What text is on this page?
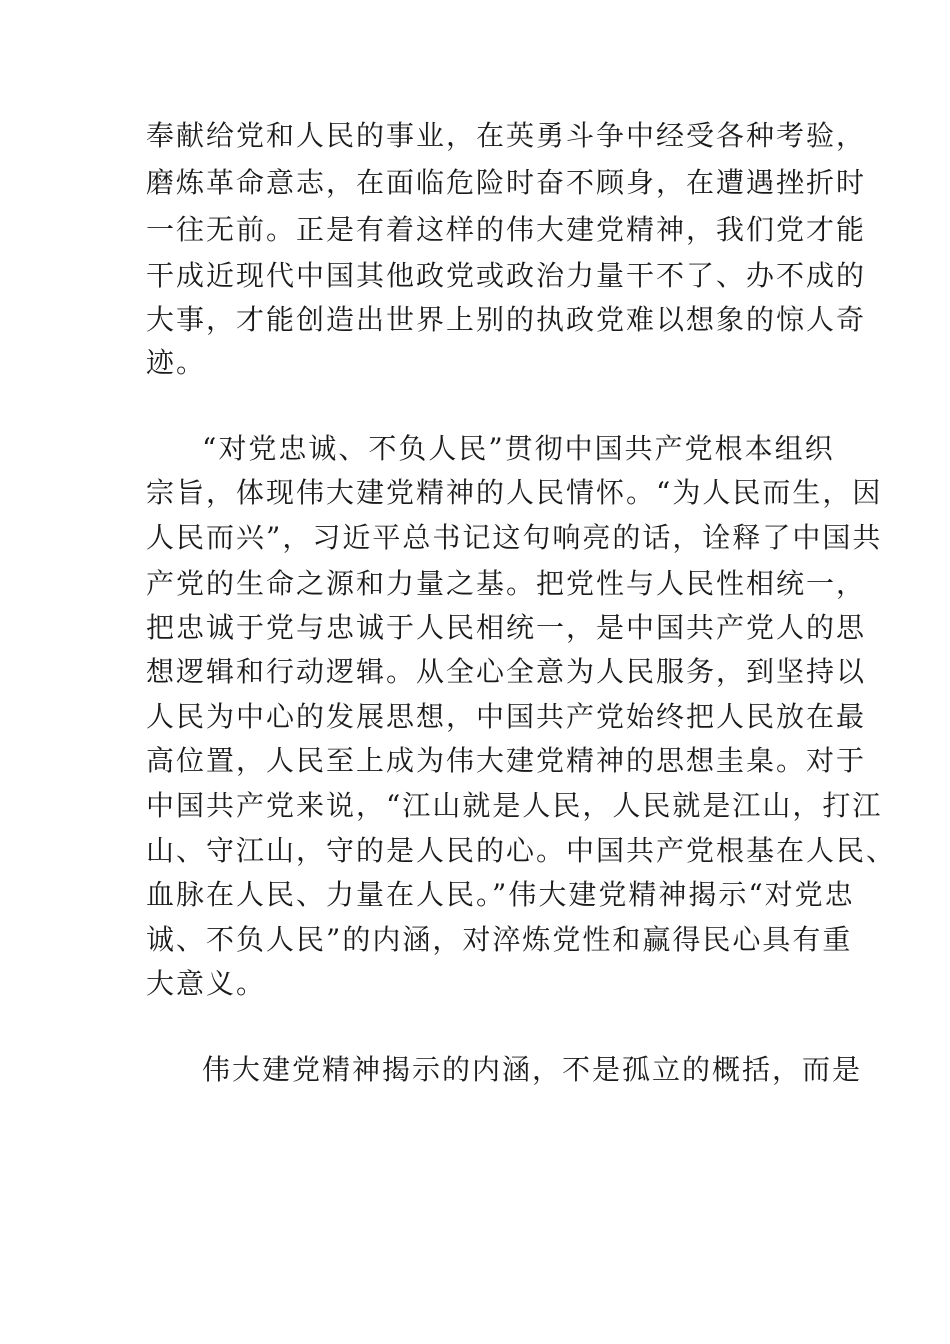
奉献给党和人民的事业，在英勇斗争中经受各种考验，
磨炼革命意志，在面临危险时奋不顾身，在遭遇挫折时
一往无前。正是有着这样的伟大建党精神，我们党才能
干成近现代中国其他政党或政治力量干不了、办不成的
大事，才能创造出世界上别的执政党难以想象的惊人奇
迹。
“对党忠诚、不负人民”贯彻中国共产党根本组织
宗旨，体现伟大建党精神的人民情怀。“为人民而生，因
人民而兴”，习近平总书记这句响亮的话，诠释了中国共
产党的生命之源和力量之基。把党性与人民性相统一，
把忠诚于党与忠诚于人民相统一，是中国共产党人的思
想逻辑和行动逻辑。从全心全意为人民服务，到坚持以
人民为中心的发展思想，中国共产党始终把人民放在最
高位置，人民至上成为伟大建党精神的思想圭臬。对于
中国共产党来说，“江山就是人民，人民就是江山，打江
山、守江山，守的是人民的心。中国共产党根基在人民、
血脉在人民、力量在人民。”伟大建党精神揭示“对党忠
诚、不负人民”的内涵，对淬炼党性和赢得民心具有重
大意义。
伟大建党精神揭示的内涵，不是孤立的概括，而是
